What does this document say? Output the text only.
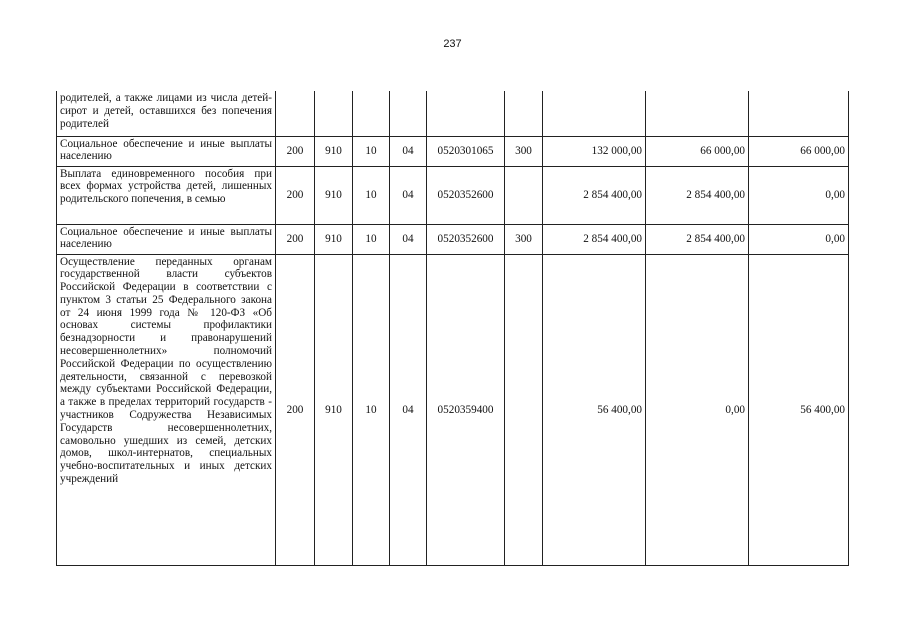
237
родителей, а также лицами из числа детей-сирот и детей, оставшихся без попечения родителей									
Социальное обеспечение и иные выплаты населению	200	910	10	04	0520301065	300	132 000,00	66 000,00	66 000,00
Выплата единовременного пособия при всех формах устройства детей, лишенных родительского попечения, в семью	200	910	10	04	0520352600		2 854 400,00	2 854 400,00	0,00
Социальное обеспечение и иные выплаты населению	200	910	10	04	0520352600	300	2 854 400,00	2 854 400,00	0,00
Осуществление переданных органам государственной власти субъектов Российской Федерации в соответствии с пунктом 3 статьи 25 Федерального закона от 24 июня 1999 года № 120-ФЗ «Об основах системы профилактики безнадзорности и правонарушений несовершеннолетних» полномочий Российской Федерации по осуществлению деятельности, связанной с перевозкой между субъектами Российской Федерации, а также в пределах территорий государств - участников Содружества Независимых Государств несовершеннолетних, самовольно ушедших из семей, детских домов, школ-интернатов, специальных учебно-воспитательных и иных детских учреждений	200	910	10	04	0520359400		56 400,00	0,00	56 400,00
